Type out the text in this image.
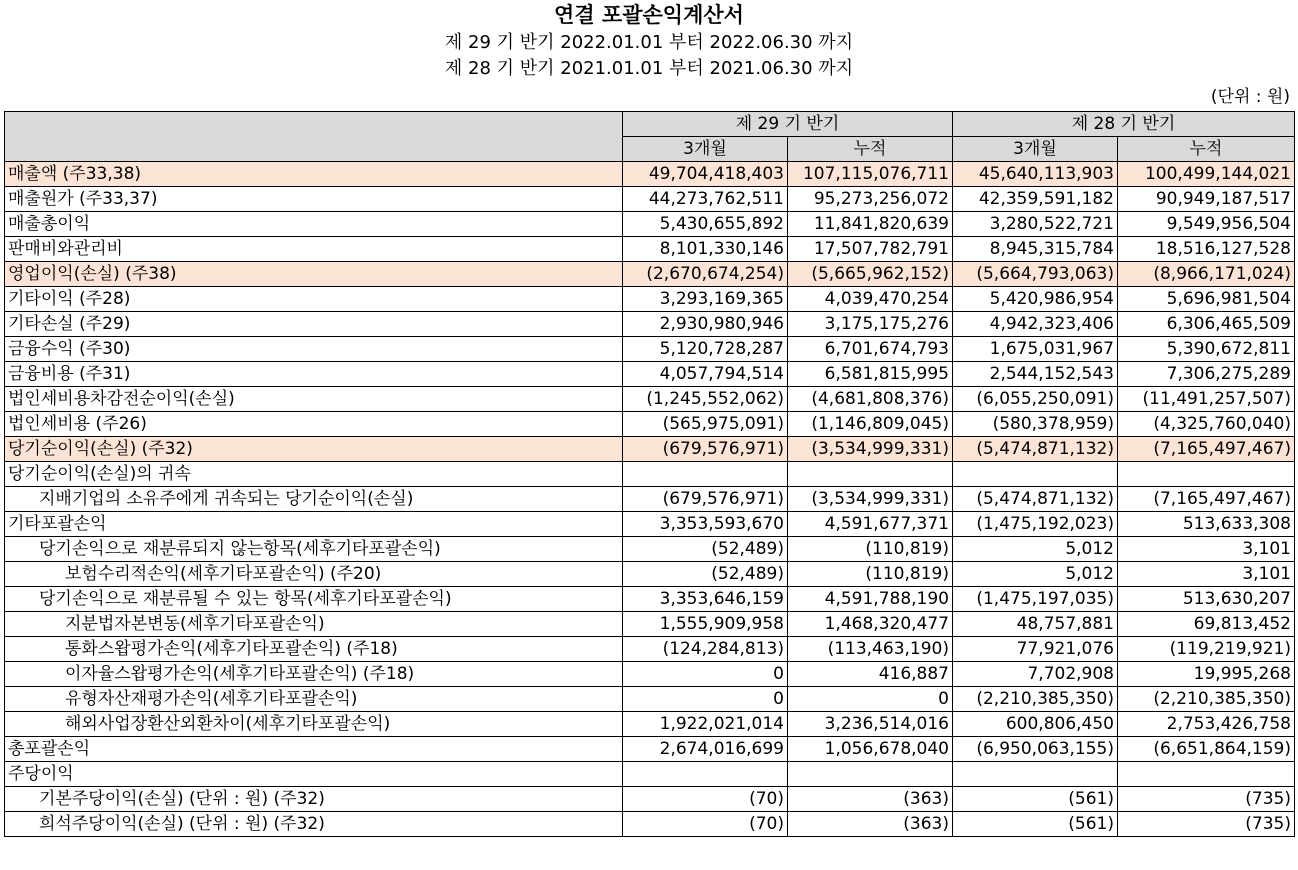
연결 포괄손익계산서
제 29 기 반기 2022.01.01 부터 2022.06.30 까지
제 28 기 반기 2021.01.01 부터 2021.06.30 까지
(단위 : 원)
	제 29 기 반기		제 28 기 반기	
	3개월	누적	3개월	누적
매출액 (주33,38)	49,704,418,403	107,115,076,711	45,640,113,903	100,499,144,021
매출원가 (주33,37)	44,273,762,511	95,273,256,072	42,359,591,182	90,949,187,517
매출총이익	5,430,655,892	11,841,820,639	3,280,522,721	9,549,956,504
판매비와관리비	8,101,330,146	17,507,782,791	8,945,315,784	18,516,127,528
영업이익(손실) (주38)	(2,670,674,254)	(5,665,962,152)	(5,664,793,063)	(8,966,171,024)
기타이익 (주28)	3,293,169,365	4,039,470,254	5,420,986,954	5,696,981,504
기타손실 (주29)	2,930,980,946	3,175,175,276	4,942,323,406	6,306,465,509
금융수익 (주30)	5,120,728,287	6,701,674,793	1,675,031,967	5,390,672,811
금융비용 (주31)	4,057,794,514	6,581,815,995	2,544,152,543	7,306,275,289
법인세비용차감전순이익(손실)	(1,245,552,062)	(4,681,808,376)	(6,055,250,091)	(11,491,257,507)
법인세비용 (주26)	(565,975,091)	(1,146,809,045)	(580,378,959)	(4,325,760,040)
당기순이익(손실) (주32)	(679,576,971)	(3,534,999,331)	(5,474,871,132)	(7,165,497,467)
당기순이익(손실)의 귀속				
지배기업의 소유주에게 귀속되는 당기순이익(손실)	(679,576,971)	(3,534,999,331)	(5,474,871,132)	(7,165,497,467)
기타포괄손익	3,353,593,670	4,591,677,371	(1,475,192,023)	513,633,308
당기손익으로 재분류되지 않는항목(세후기타포괄손익)	(52,489)	(110,819)	5,012	3,101
보험수리적손익(세후기타포괄손익) (주20)	(52,489)	(110,819)	5,012	3,101
당기손익으로 재분류될 수 있는 항목(세후기타포괄손익)	3,353,646,159	4,591,788,190	(1,475,197,035)	513,630,207
지분법자본변동(세후기타포괄손익)	1,555,909,958	1,468,320,477	48,757,881	69,813,452
통화스왑평가손익(세후기타포괄손익) (주18)	(124,284,813)	(113,463,190)	77,921,076	(119,219,921)
이자율스왑평가손익(세후기타포괄손익) (주18)	0	416,887	7,702,908	19,995,268
유형자산재평가손익(세후기타포괄손익)	0	0	(2,210,385,350)	(2,210,385,350)
해외사업장환산외환차이(세후기타포괄손익)	1,922,021,014	3,236,514,016	600,806,450	2,753,426,758
총포괄손익	2,674,016,699	1,056,678,040	(6,950,063,155)	(6,651,864,159)
주당이익				
기본주당이익(손실) (단위 : 원) (주32)	(70)	(363)	(561)	(735)
희석주당이익(손실) (단위 : 원) (주32)	(70)	(363)	(561)	(735)
